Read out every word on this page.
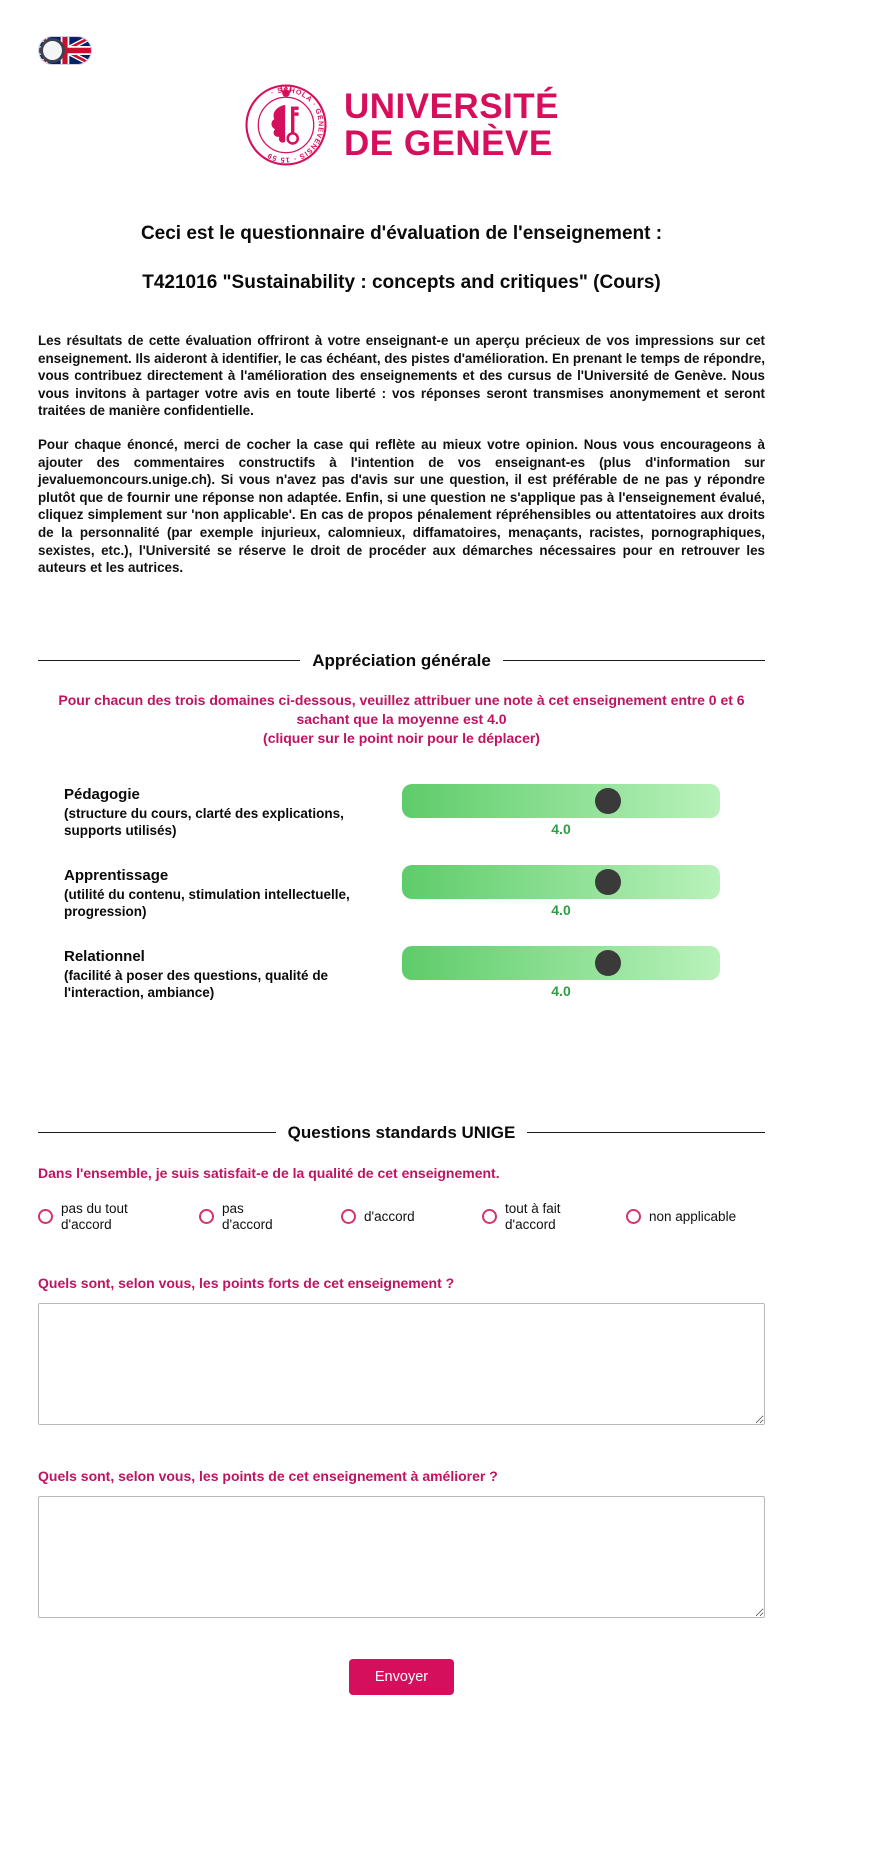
· SCHOLA · GENEVENSIS · 15 59
UNIVERSITÉ
DE GENÈVE
Ceci est le questionnaire d'évaluation de l'enseignement :
T421016 "Sustainability : concepts and critiques" (Cours)

Les résultats de cette évaluation offriront à votre enseignant-e un aperçu précieux de vos impressions sur cet enseignement. Ils aideront à identifier, le cas échéant, des pistes d'amélioration. En prenant le temps de répondre, vous contribuez directement à l'amélioration des enseignements et des cursus de l'Université de Genève. Nous vous invitons à partager votre avis en toute liberté : vos réponses seront transmises anonymement et seront traitées de manière confidentielle.

Pour chaque énoncé, merci de cocher la case qui reflète au mieux votre opinion. Nous vous encourageons à ajouter des commentaires constructifs à l'intention de vos enseignant-es (plus d'information sur jevaluemoncours.unige.ch). Si vous n'avez pas d'avis sur une question, il est préférable de ne pas y répondre plutôt que de fournir une réponse non adaptée. Enfin, si une question ne s'applique pas à l'enseignement évalué, cliquez simplement sur 'non applicable'. En cas de propos pénalement répréhensibles ou attentatoires aux droits de la personnalité (par exemple injurieux, calomnieux, diffamatoires, menaçants, racistes, pornographiques, sexistes, etc.), l'Université se réserve le droit de procéder aux démarches nécessaires pour en retrouver les auteurs et les autrices.

Appréciation générale
Pour chacun des trois domaines ci-dessous, veuillez attribuer une note à cet enseignement entre 0 et 6 sachant que la moyenne est 4.0
(cliquer sur le point noir pour le déplacer)
Pédagogie
(structure du cours, clarté des explications, supports utilisés)	4.0
Apprentissage
(utilité du contenu, stimulation intellectuelle, progression)	4.0
Relationnel
(facilité à poser des questions, qualité de l'interaction, ambiance)	4.0
Questions standards UNIGE
Dans l'ensemble, je suis satisfait-e de la qualité de cet enseignement.
pas du tout d'accord
pas d'accord
d'accord
tout à fait d'accord
non applicable
Quels sont, selon vous, les points forts de cet enseignement ?
Quels sont, selon vous, les points de cet enseignement à améliorer ?
Envoyer
